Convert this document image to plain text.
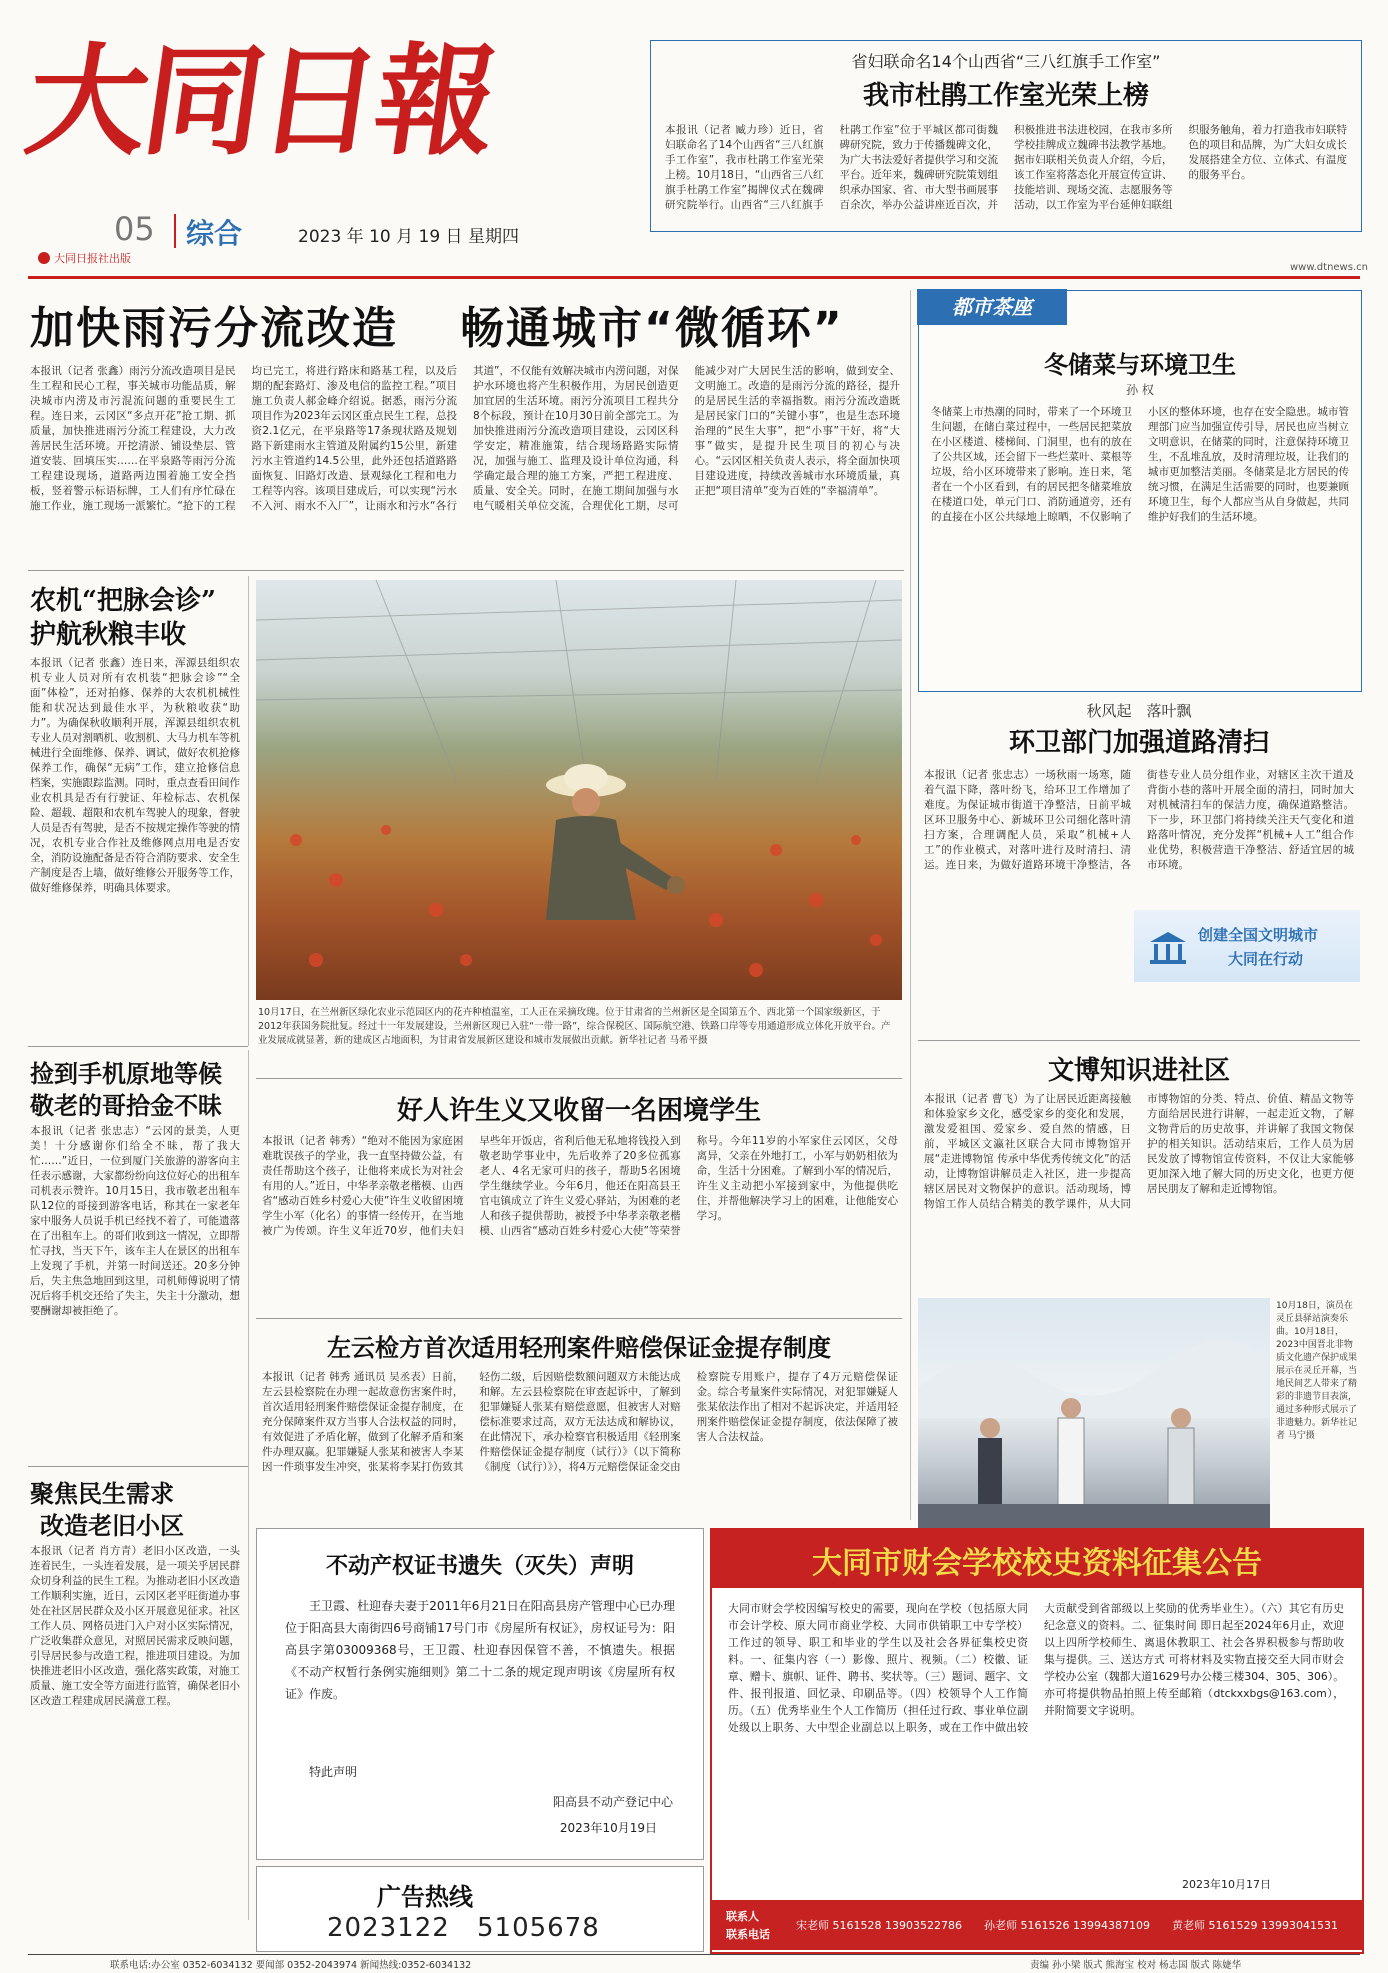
大同日報
05 综合	2023 年 10 月 19 日 星期四
大同日报社出版
省妇联命名14个山西省“三八红旗手工作室”
我市杜鹃工作室光荣上榜
本报讯（记者 臧力珍）近日，省妇联命名了14个山西省“三八红旗手工作室”，我市杜鹃工作室光荣上榜。10月18日，“山西省三八红旗手杜鹃工作室”揭牌仪式在魏碑研究院举行。山西省“三八红旗手杜鹃工作室”位于平城区都司街魏碑研究院，致力于传播魏碑文化，为广大书法爱好者提供学习和交流平台。近年来，魏碑研究院策划组织承办国家、省、市大型书画展事百余次，举办公益讲座近百次，并积极推进书法进校园，在我市多所学校挂牌成立魏碑书法教学基地。据市妇联相关负责人介绍，今后，该工作室将落态化开展宣传宣讲、技能培训、现场交流、志愿服务等活动，以工作室为平台延伸妇联组织服务触角，着力打造我市妇联特色的项目和品牌，为广大妇女成长发展搭建全方位、立体式、有温度的服务平台。
www.dtnews.cn
加快雨污分流改造 畅通城市“微循环”
本报讯（记者 张鑫）雨污分流改造项目是民生工程和民心工程，事关城市功能品质，解决城市内涝及市污混流问题的重要民生工程。连日来，云冈区“多点开花”抢工期、抓质量，加快推进雨污分流工程建设，大力改善居民生活环境。开挖清淤、铺设垫层、管道安装、回填压实……在平泉路等雨污分流工程建设现场，道路两边围着施工安全挡板，竖着警示标语标牌，工人们有序忙碌在施工作业，施工现场一派繁忙。“抢下的工程均已完工，将进行路床和路基工程，以及后期的配套路灯、渗及电信的监控工程。”项目施工负责人郝金峰介绍说。据悉，雨污分流项目作为2023年云冈区重点民生工程，总投资2.1亿元，在平泉路等17条现状路及规划路下新建雨水主管道及附属约15公里，新建污水主管道约14.5公里，此外还包括道路路面恢复、旧路灯改造、景观绿化工程和电力工程等内容。该项目建成后，可以实现“污水不入河、雨水不入厂”，让雨水和污水“各行其道”，不仅能有效解决城市内涝问题，对保护水环境也将产生积极作用，为居民创造更加宜居的生活环境。雨污分流项目工程共分8个标段，预计在10月30日前全部完工。为加快推进雨污分流改造项目建设，云冈区科学安定，精准施策，结合现场路路实际情况，加强与施工、监理及设计单位沟通，科学确定最合理的施工方案，严把工程进度、质量、安全关。同时，在施工期间加强与水电气暖相关单位交流，合理优化工期，尽可能减少对广大居民生活的影响，做到安全、文明施工。改造的是雨污分流的路径，提升的是居民生活的幸福指数。雨污分流改造既是居民家门口的“关键小事”，也是生态环境治理的“民生大事”，把“小事”干好，将“大事”做实，是提升民生项目的初心与决心。“云冈区相关负责人表示，将全面加快项目建设进度，持续改善城市水环境质量，真正把“项目清单”变为百姓的“幸福清单”。
农机“把脉会诊”
护航秋粮丰收
本报讯（记者 张鑫）连日来，浑源县组织农机专业人员对所有农机装“把脉会诊”“全面”体检”，还对拍修、保养的大农机机械性能和状况达到最佳水平，为秋粮收获“助力”。为确保秋收顺利开展，浑源县组织农机专业人员对割晒机、收割机、大马力机车等机械进行全面维修、保养、调试，做好农机抢修保养工作，确保“无病”工作，建立抢修信息档案，实施跟踪监测。同时，重点查看田间作业农机具是否有行驶证、年检标志、农机保险、超载、超限和农机车驾驶人的现象，督驶人员是否有驾驶，是否不按规定操作等驶的情况，农机专业合作社及维修网点用电是否安全，消防设施配备是否符合消防要求、安全生产制度是否上墙，做好维修公开服务等工作，做好维修保养，明确具体要求。
10月17日，在兰州新区绿化农业示范园区内的花卉种植温室，工人正在采摘玫瑰。位于甘肃省的兰州新区是全国第五个、西北第一个国家级新区，于2012年获国务院批复。经过十一年发展建设，兰州新区现已入驻“一带一路”，综合保税区、国际航空港、铁路口岸等专用通道形成立体化开放平台。产业发展成就显著，新的建成区占地面积，为甘肃省发展新区建设和城市发展做出贡献。新华社记者 马希平摄
捡到手机原地等候
敬老的哥拾金不昧
本报讯（记者 张忠志）“云冈的景美，人更美！十分感谢你们给全不昧，帮了我大忙……”近日，一位到厦门关旅游的游客向主任表示感谢，大家都纷纷向这位好心的出租车司机表示赞许。10月15日，我市敬老出租车队12位的哥接到游客电话，称其在一家老年家中服务人员说手机已经找不着了，可能遗落在了出租车上。的哥们收到这一情况，立即帮忙寻找，当天下午，该车主人在景区的出租车上发现了手机，并第一时间送还。20多分钟后，失主焦急地回到这里，司机师傅说明了情况后将手机交还给了失主，失主十分激动，想要酬谢却被拒绝了。
聚焦民生需求
改造老旧小区
本报讯（记者 肖方青）老旧小区改造，一头连着民生，一头连着发展，是一项关乎居民群众切身利益的民生工程。为推动老旧小区改造工作顺利实施，近日，云冈区老平旺街道办事处在社区居民群众及小区开展意见征求。社区工作人员、网格员进门入户对小区实际情况，广泛收集群众意见，对照居民需求反映问题，引导居民参与改造工程，推进项目建设。为加快推进老旧小区改造，强化落实政策，对施工质量、施工安全等方面进行监管，确保老旧小区改造工程建成居民满意工程。
好人许生义又收留一名困境学生
本报讯（记者 韩秀）“绝对不能因为家庭困难耽误孩子的学业，我一直坚持做公益，有责任帮助这个孩子，让他将来成长为对社会有用的人。”近日，中华孝亲敬老楷模、山西省“感动百姓乡村爱心大使”许生义收留困境学生小军（化名）的事情一经传开，在当地被广为传颂。许生义年近70岁，他们夫妇早些年开饭店，省利后他无私地将钱投入到敬老助学事业中，先后收养了20多位孤寡老人、4名无家可归的孩子，帮助5名困境学生继续学业。今年6月，他还在阳高县王官屯镇成立了许生义爱心驿站，为困难的老人和孩子提供帮助，被授予中华孝亲敬老楷模、山西省“感动百姓乡村爱心大使”等荣誉称号。今年11岁的小军家住云冈区，父母离异，父亲在外地打工，小军与奶奶相依为命，生活十分困难。了解到小军的情况后，许生义主动把小军接到家中，为他提供吃住，并帮他解决学习上的困难，让他能安心学习。
左云检方首次适用轻刑案件赔偿保证金提存制度
本报讯（记者 韩秀 通讯员 吴丞表）日前，左云县检察院在办理一起故意伤害案件时，首次适用轻刑案件赔偿保证金提存制度，在充分保障案件双方当事人合法权益的同时，有效促进了矛盾化解，做到了化解矛盾和案件办理双赢。犯罪嫌疑人张某和被害人李某因一件琐事发生冲突，张某将李某打伤致其轻伤二级，后因赔偿数额问题双方未能达成和解。左云县检察院在审查起诉中，了解到犯罪嫌疑人张某有赔偿意愿，但被害人对赔偿标准要求过高，双方无法达成和解协议，在此情况下，承办检察官积极适用《轻刑案件赔偿保证金提存制度（试行）》（以下简称《制度（试行）》），将4万元赔偿保证金交由检察院专用账户，提存了4万元赔偿保证金。综合考量案件实际情况，对犯罪嫌疑人张某依法作出了相对不起诉决定，并适用轻刑案件赔偿保证金提存制度，依法保障了被害人合法权益。
都市茶座
冬储菜与环境卫生
孙 权
冬储菜上市热潮的同时，带来了一个环境卫生问题，在储白菜过程中，一些居民把菜放在小区楼道、楼梯间、门洞里，也有的放在了公共区域，还会留下一些烂菜叶、菜根等垃圾，给小区环境带来了影响。连日来，笔者在一个小区看到，有的居民把冬储菜堆放在楼道口处，单元门口、消防通道旁，还有的直接在小区公共绿地上晾晒，不仅影响了小区的整体环境，也存在安全隐患。城市管理部门应当加强宣传引导，居民也应当树立文明意识，在储菜的同时，注意保持环境卫生，不乱堆乱放，及时清理垃圾，让我们的城市更加整洁美丽。冬储菜是北方居民的传统习惯，在满足生活需要的同时，也要兼顾环境卫生，每个人都应当从自身做起，共同维护好我们的生活环境。
秋风起　落叶飘
环卫部门加强道路清扫
本报讯（记者 张忠志）一场秋雨一场寒，随着气温下降，落叶纷飞，给环卫工作增加了难度。为保证城市街道干净整洁，日前平城区环卫服务中心、新城环卫公司细化落叶清扫方案，合理调配人员，采取“机械+人工”的作业模式，对落叶进行及时清扫、清运。连日来，为做好道路环境干净整洁，各街巷专业人员分组作业，对辖区主次干道及背街小巷的落叶开展全面的清扫，同时加大对机械清扫车的保洁力度，确保道路整洁。下一步，环卫部门将持续关注天气变化和道路落叶情况，充分发挥“机械+人工”组合作业优势，积极营造干净整洁、舒适宜居的城市环境。
创建全国文明城市
大同在行动
文博知识进社区
本报讯（记者 曹飞）为了让居民近距离接触和体验家乡文化，感受家乡的变化和发展，激发爱祖国、爱家乡、爱自然的情感，日前，平城区文瀛社区联合大同市博物馆开展“走进博物馆 传承中华优秀传统文化”的活动，让博物馆讲解员走入社区，进一步提高辖区居民对文物保护的意识。活动现场，博物馆工作人员结合精美的教学课件，从大同市博物馆的分类、特点、价值、精品文物等方面给居民进行讲解，一起走近文物，了解文物背后的历史故事，并讲解了我国文物保护的相关知识。活动结束后，工作人员为居民发放了博物馆宣传资料，不仅让大家能够更加深入地了解大同的历史文化，也更方便居民朋友了解和走近博物馆。
10月18日，演员在灵丘县驿站演奏乐曲。10月18日，2023中国晋北非物质文化遗产保护成果展示在灵丘开幕，当地民间艺人带来了精彩的非遗节目表演，通过多种形式展示了非遗魅力。新华社记者 马宁摄
不动产权证书遗失（灭失）声明
王卫霞、杜迎春夫妻于2011年6月21日在阳高县房产管理中心已办理位于阳高县大南街四6号商铺17号门市《房屋所有权证》，房权证号为：阳高县字第03009368号，王卫霞、杜迎春因保管不善，不慎遗失。根据《不动产权暂行条例实施细则》第二十二条的规定现声明该《房屋所有权证》作废。
特此声明
阳高县不动产登记中心
2023年10月19日
广告热线
2023122 5105678
大同市财会学校校史资料征集公告
大同市财会学校因编写校史的需要，现向在学校（包括原大同市会计学校、原大同市商业学校、大同市供销职工中专学校）工作过的领导、职工和毕业的学生以及社会各界征集校史资料。一、征集内容（一）影像、照片、视频。（二）校徽、证章、赠卡、旗帜、证件、聘书、奖状等。（三）题词、题字、文件、报刊报道、回忆录、印刷品等。（四）校领导个人工作简历。（五）优秀毕业生个人工作简历（担任过行政、事业单位副处级以上职务、大中型企业副总以上职务，或在工作中做出较大贡献受到省部级以上奖励的优秀毕业生）。（六）其它有历史纪念意义的资料。二、征集时间 即日起至2024年6月止，欢迎以上四所学校师生、离退休教职工、社会各界积极参与帮助收集与提供。三、送达方式 可将材料及实物直接交至大同市财会学校办公室（魏都大道1629号办公楼三楼304、305、306）。亦可将提供物品拍照上传至邮箱（dtckxxbgs@163.com），并附简要文字说明。
2023年10月17日
联系人
联系电话
宋老师 5161528 13903522786 孙老师 5161526 13994387109 黄老师 5161529 13993041531
联系电话:办公室 0352-6034132 要闻部 0352-2043974 新闻热线:0352-6034132	责编 孙小梁 版式 熊海宝 校对 杨志国 版式 陈婕华
